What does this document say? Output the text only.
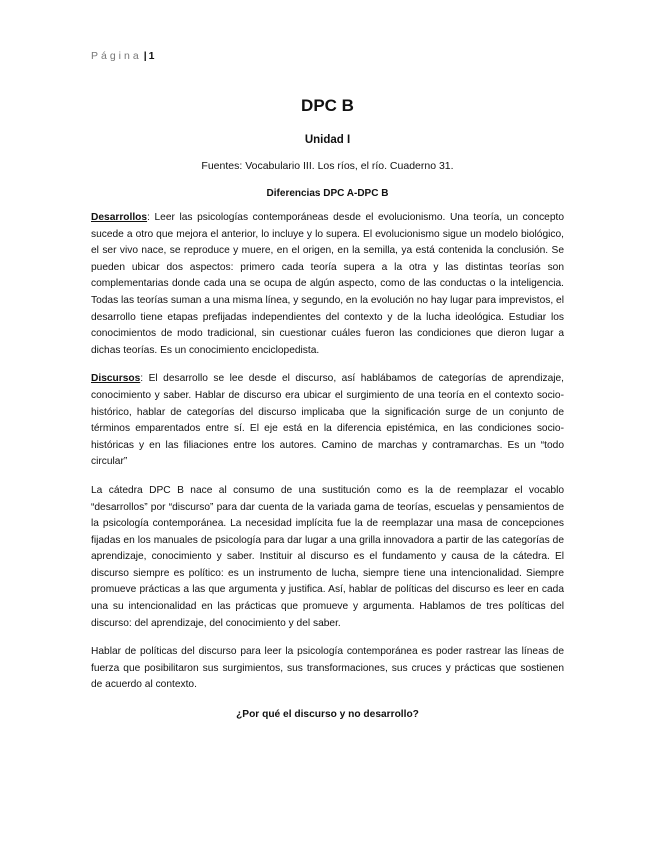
Página | 1
DPC B
Unidad I

Fuentes: Vocabulario III. Los ríos, el río. Cuaderno 31.

Diferencias DPC A-DPC B

Desarrollos: Leer las psicologías contemporáneas desde el evolucionismo. Una teoría, un concepto sucede a otro que mejora el anterior, lo incluye y lo supera. El evolucionismo sigue un modelo biológico, el ser vivo nace, se reproduce y muere, en el origen, en la semilla, ya está contenida la conclusión. Se pueden ubicar dos aspectos: primero cada teoría supera a la otra y las distintas teorías son complementarias donde cada una se ocupa de algún aspecto, como de las conductas o la inteligencia. Todas las teorías suman a una misma línea, y segundo, en la evolución no hay lugar para imprevistos, el desarrollo tiene etapas prefijadas independientes del contexto y de la lucha ideológica. Estudiar los conocimientos de modo tradicional, sin cuestionar cuáles fueron las condiciones que dieron lugar a dichas teorías. Es un conocimiento enciclopedista.

Discursos: El desarrollo se lee desde el discurso, así hablábamos de categorías de aprendizaje, conocimiento y saber. Hablar de discurso era ubicar el surgimiento de una teoría en el contexto socio-histórico, hablar de categorías del discurso implicaba que la significación surge de un conjunto de términos emparentados entre sí. El eje está en la diferencia epistémica, en las condiciones socio-históricas y en las filiaciones entre los autores. Camino de marchas y contramarchas. Es un “todo circular”

La cátedra DPC B nace al consumo de una sustitución como es la de reemplazar el vocablo “desarrollos” por “discurso” para dar cuenta de la variada gama de teorías, escuelas y pensamientos de la psicología contemporánea. La necesidad implícita fue la de reemplazar una masa de concepciones fijadas en los manuales de psicología para dar lugar a una grilla innovadora a partir de las categorías de aprendizaje, conocimiento y saber. Instituir al discurso es el fundamento y causa de la cátedra. El discurso siempre es político: es un instrumento de lucha, siempre tiene una intencionalidad. Siempre promueve prácticas a las que argumenta y justifica. Así, hablar de políticas del discurso es leer en cada una su intencionalidad en las prácticas que promueve y argumenta. Hablamos de tres políticas del discurso: del aprendizaje, del conocimiento y del saber.

Hablar de políticas del discurso para leer la psicología contemporánea es poder rastrear las líneas de fuerza que posibilitaron sus surgimientos, sus transformaciones, sus cruces y prácticas que sostienen de acuerdo al contexto.

¿Por qué el discurso y no desarrollo?
